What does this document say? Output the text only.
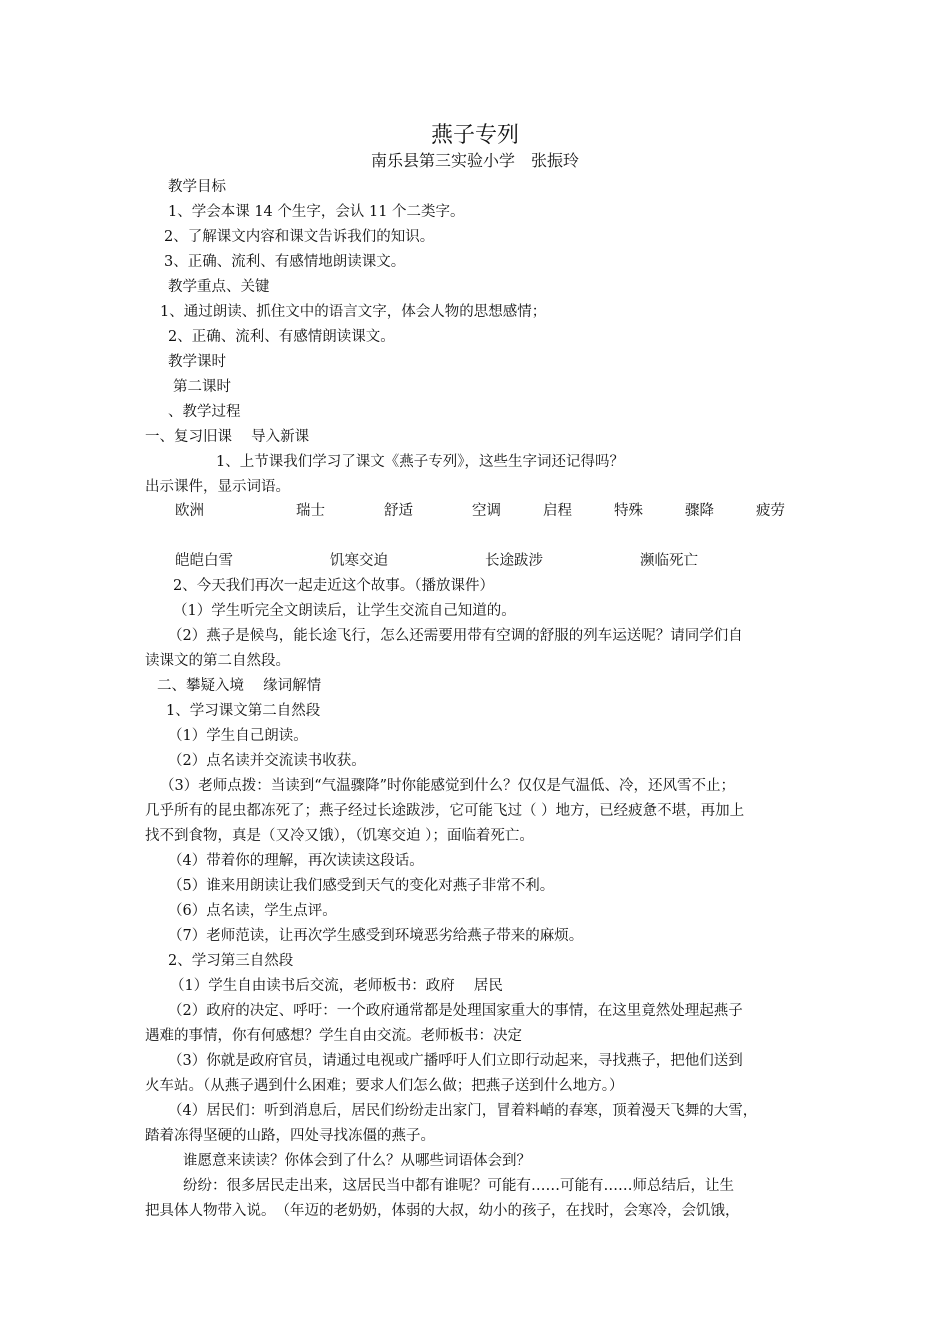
燕子专列
南乐县第三实验小学　张振玲
教学目标
1、学会本课 14 个生字，会认 11 个二类字。
2、了解课文内容和课文告诉我们的知识。
3、正确、流利、有感情地朗读课文。
教学重点、关键
1、通过朗读、抓住文中的语言文字，体会人物的思想感情；
2、正确、流利、有感情朗读课文。
教学课时
第二课时
、教学过程
一、复习旧课　 导入新课
1、上节课我们学习了课文《燕子专列》，这些生字词还记得吗？
出示课件，显示词语。
欧洲	瑞士	舒适	空调	启程	特殊	骤降	疲劳
皑皑白雪	饥寒交迫	长途跋涉	濒临死亡
2、今天我们再次一起走近这个故事。（播放课件）
（1）学生听完全文朗读后，让学生交流自己知道的。
（2）燕子是候鸟，能长途飞行，怎么还需要用带有空调的舒服的列车运送呢？请同学们自
读课文的第二自然段。
二、攀疑入境　 缘词解情
1、学习课文第二自然段
（1）学生自己朗读。
（2）点名读并交流读书收获。
（3）老师点拨：当读到“气温骤降”时你能感觉到什么？仅仅是气温低、冷，还风雪不止；
几乎所有的昆虫都冻死了；燕子经过长途跋涉，它可能飞过（ ）地方，已经疲惫不堪，再加上
找不到食物，真是（又冷又饿），（饥寒交迫 ）；面临着死亡。
（4）带着你的理解，再次读读这段话。
（5）谁来用朗读让我们感受到天气的变化对燕子非常不利。
（6）点名读，学生点评。
（7）老师范读，让再次学生感受到环境恶劣给燕子带来的麻烦。
2、学习第三自然段
（1）学生自由读书后交流，老师板书：政府　 居民
（2）政府的决定、呼吁：一个政府通常都是处理国家重大的事情，在这里竟然处理起燕子
遇难的事情，你有何感想？学生自由交流。老师板书：决定
（3）你就是政府官员，请通过电视或广播呼吁人们立即行动起来，寻找燕子，把他们送到
火车站。（从燕子遇到什么困难；要求人们怎么做；把燕子送到什么地方。）
（4）居民们：听到消息后，居民们纷纷走出家门，冒着料峭的春寒，顶着漫天飞舞的大雪，
踏着冻得坚硬的山路，四处寻找冻僵的燕子。
谁愿意来读读？你体会到了什么？从哪些词语体会到？
纷纷：很多居民走出来，这居民当中都有谁呢？可能有……可能有……师总结后，让生
把具体人物带入说。　（年迈的老奶奶，体弱的大叔，幼小的孩子，在找时，会寒冷，会饥饿，
